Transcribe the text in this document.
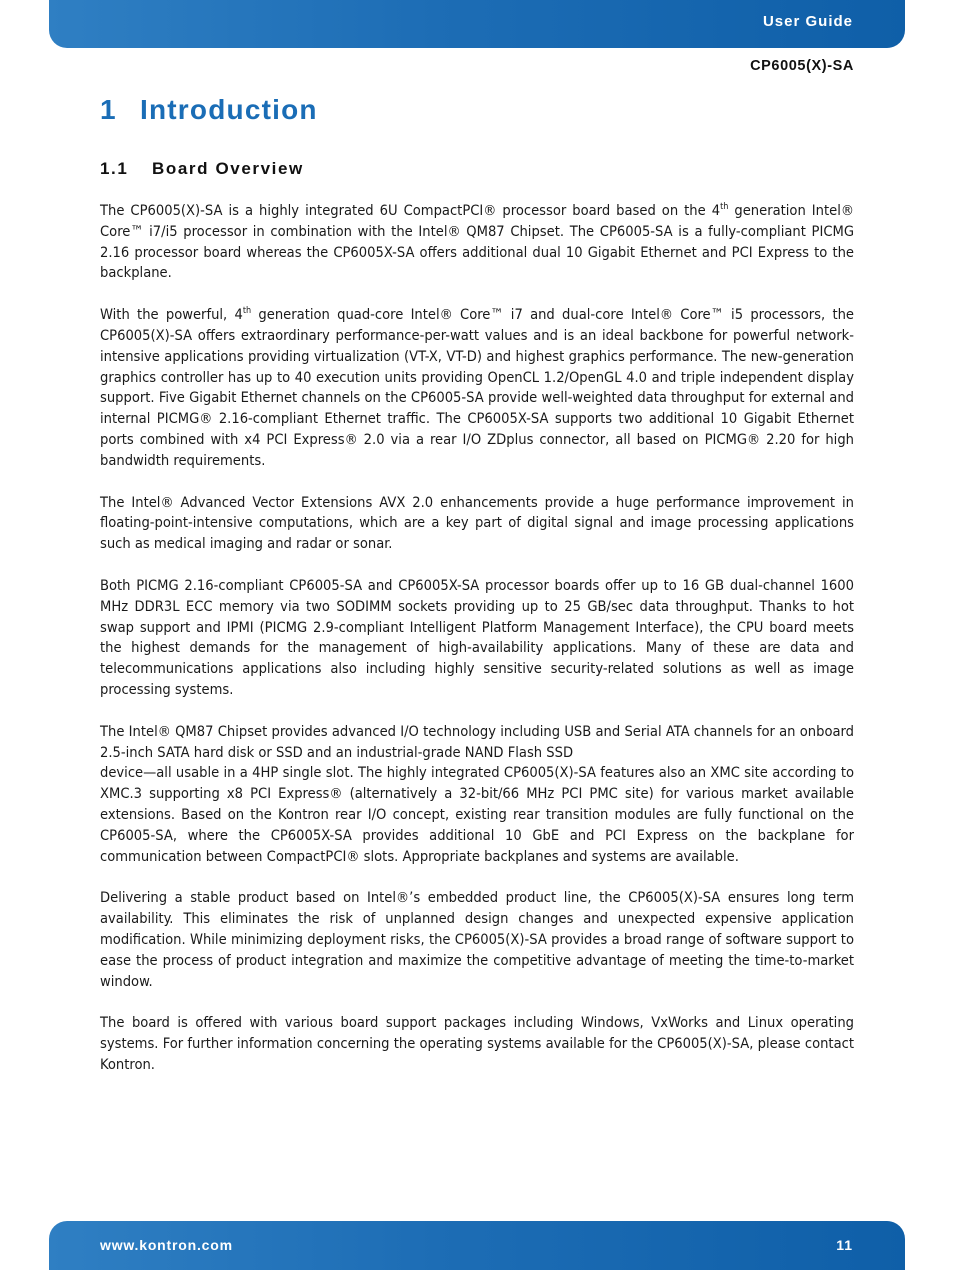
User Guide
CP6005(X)-SA
1 Introduction
1.1 Board Overview

The CP6005(X)-SA is a highly integrated 6U CompactPCI® processor board based on the 4th generation Intel® Core™ i7/i5 processor in combination with the Intel® QM87 Chipset. The CP6005-SA is a fully-compliant PICMG 2.16 processor board whereas the CP6005X-SA offers additional dual 10 Gigabit Ethernet and PCI Express to the backplane.

With the powerful, 4th generation quad-core Intel® Core™ i7 and dual-core Intel® Core™ i5 processors, the CP6005(X)-SA offers extraordinary performance-per-watt values and is an ideal backbone for powerful network-intensive applications providing virtualization (VT-X, VT-D) and highest graphics performance. The new-generation graphics controller has up to 40 execution units providing OpenCL 1.2/OpenGL 4.0 and triple independent display support. Five Gigabit Ethernet channels on the CP6005-SA provide well-weighted data throughput for external and internal PICMG® 2.16-compliant Ethernet traffic. The CP6005X-SA supports two additional 10 Gigabit Ethernet ports combined with x4 PCI Express® 2.0 via a rear I/O ZDplus connector, all based on PICMG® 2.20 for high bandwidth requirements.

The Intel® Advanced Vector Extensions AVX 2.0 enhancements provide a huge performance improvement in floating-point-intensive computations, which are a key part of digital signal and image processing applications such as medical imaging and radar or sonar.

Both PICMG 2.16-compliant CP6005-SA and CP6005X-SA processor boards offer up to 16 GB dual-channel 1600 MHz DDR3L ECC memory via two SODIMM sockets providing up to 25 GB/sec data throughput. Thanks to hot swap support and IPMI (PICMG 2.9-compliant Intelligent Platform Management Interface), the CPU board meets the highest demands for the management of high-availability applications. Many of these are data and telecommunications applications also including highly sensitive security-related solutions as well as image processing systems.

The Intel® QM87 Chipset provides advanced I/O technology including USB and Serial ATA channels for an onboard 2.5-inch SATA hard disk or SSD and an industrial-grade NAND Flash SSD
device—all usable in a 4HP single slot. The highly integrated CP6005(X)-SA features also an XMC site according to XMC.3 supporting x8 PCI Express® (alternatively a 32-bit/66 MHz PCI PMC site) for various market available extensions. Based on the Kontron rear I/O concept, existing rear transition modules are fully functional on the CP6005-SA, where the CP6005X-SA provides additional 10 GbE and PCI Express on the backplane for communication between CompactPCI® slots. Appropriate backplanes and systems are available.

Delivering a stable product based on Intel®’s embedded product line, the CP6005(X)-SA ensures long term availability. This eliminates the risk of unplanned design changes and unexpected expensive application modification. While minimizing deployment risks, the CP6005(X)-SA provides a broad range of software support to ease the process of product integration and maximize the competitive advantage of meeting the time-to-market window.

The board is offered with various board support packages including Windows, VxWorks and Linux operating systems. For further information concerning the operating systems available for the CP6005(X)-SA, please contact Kontron.

www.kontron.com	11
